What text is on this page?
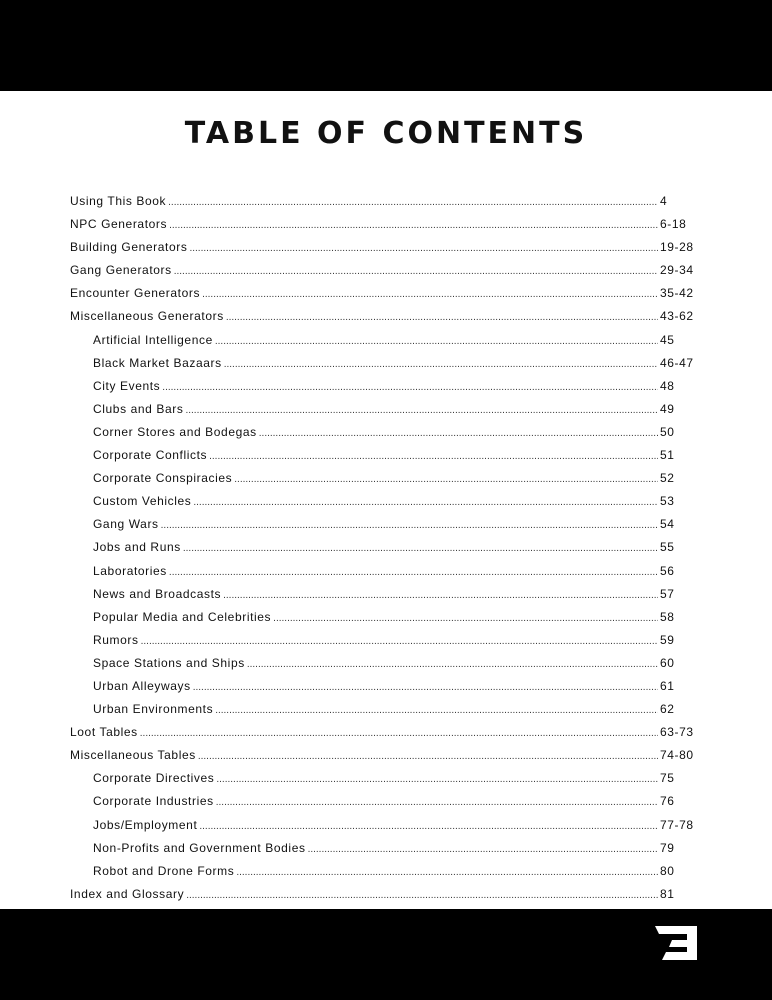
TABLE OF CONTENTS
Using This Book .....	4
NPC Generators .....	6-18
Building Generators .....	19-28
Gang Generators .....	29-34
Encounter Generators .....	35-42
Miscellaneous Generators .....	43-62
Artificial Intelligence .....	45
Black Market Bazaars .....	46-47
City Events .....	48
Clubs and Bars .....	49
Corner Stores and Bodegas .....	50
Corporate Conflicts .....	51
Corporate Conspiracies .....	52
Custom Vehicles .....	53
Gang Wars .....	54
Jobs and Runs .....	55
Laboratories .....	56
News and Broadcasts .....	57
Popular Media and Celebrities .....	58
Rumors .....	59
Space Stations and Ships .....	60
Urban Alleyways .....	61
Urban Environments .....	62
Loot Tables .....	63-73
Miscellaneous Tables .....	74-80
Corporate Directives .....	75
Corporate Industries .....	76
Jobs/Employment .....	77-78
Non-Profits and Government Bodies .....	79
Robot and Drone Forms .....	80
Index and Glossary .....	81
